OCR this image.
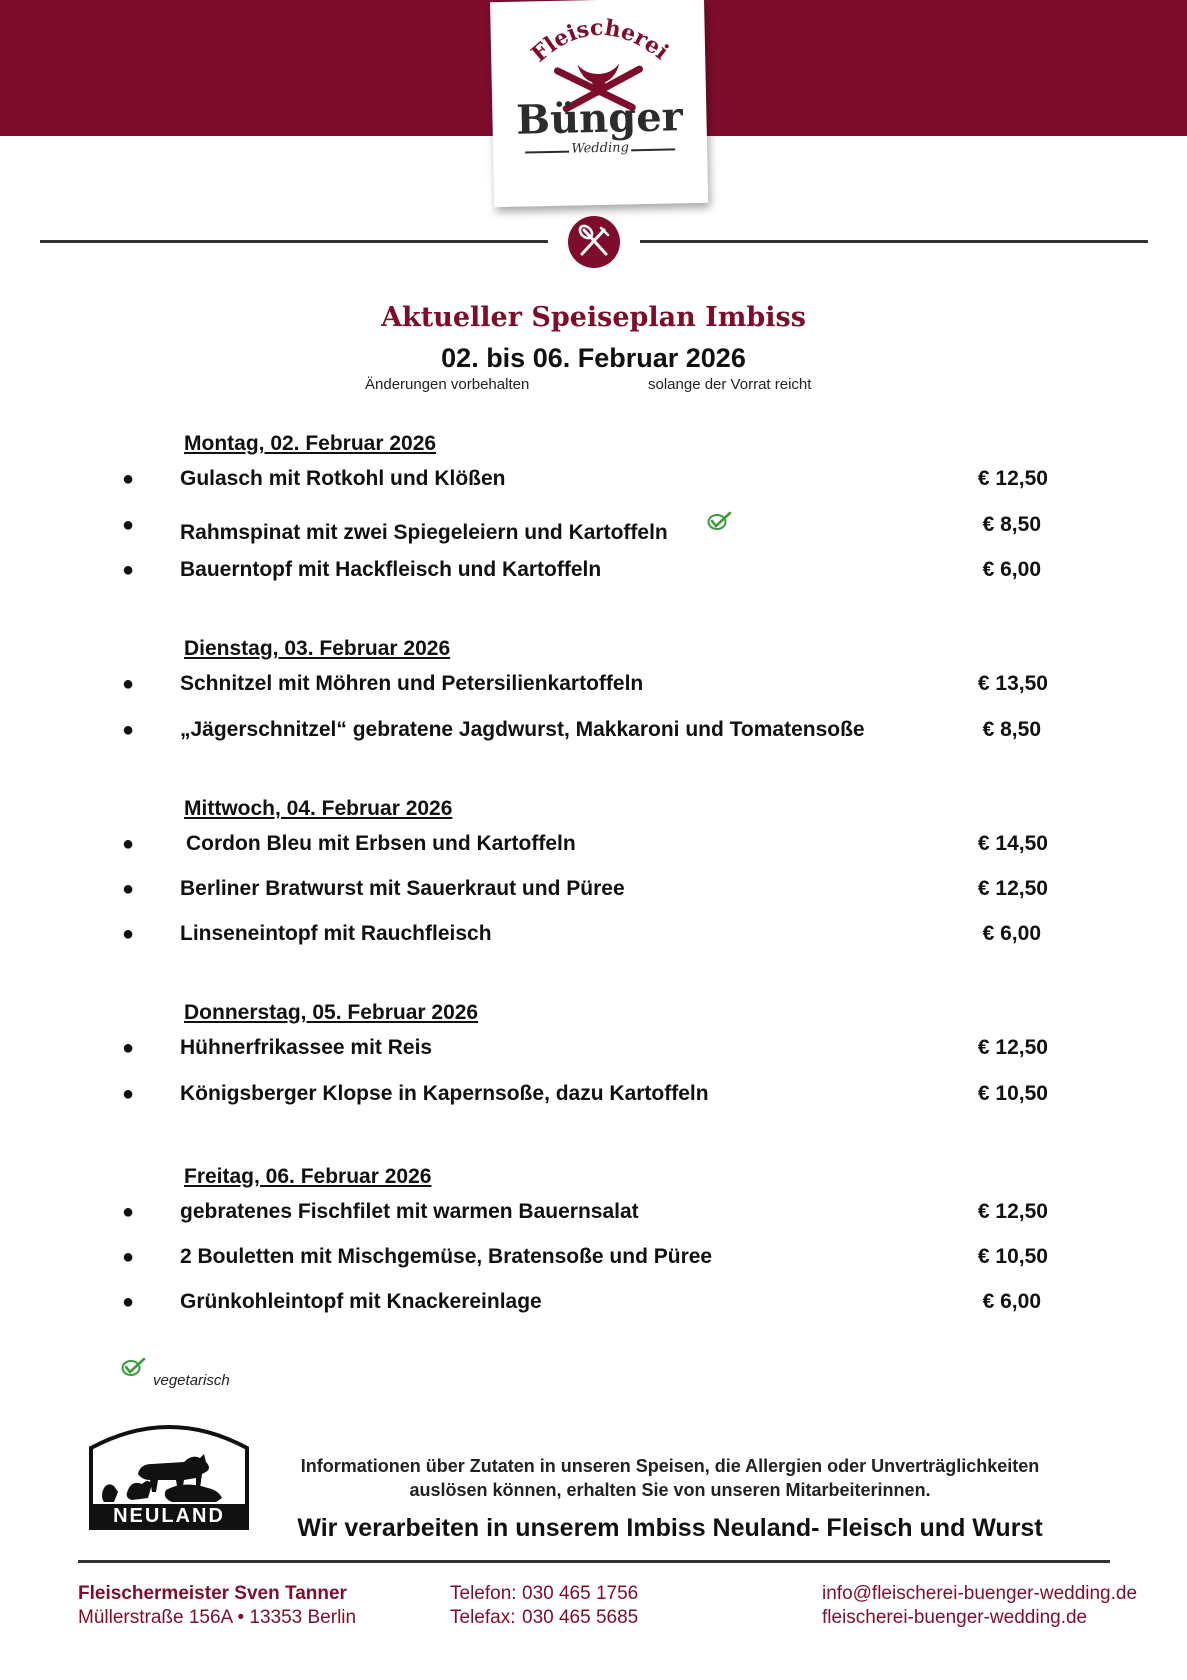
Fleischerei
Bünger
Wedding
Aktueller Speiseplan Imbiss
02. bis 06. Februar 2026
Änderungen vorbehalten	solange der Vorrat reicht
Montag, 02. Februar 2026
● Gulasch mit Rotkohl und Klößen	€ 12,50
● Rahmspinat mit zwei Spiegeleiern und Kartoffeln	€ 8,50
● Bauerntopf mit Hackfleisch und Kartoffeln	€ 6,00
Dienstag, 03. Februar 2026
● Schnitzel mit Möhren und Petersilienkartoffeln	€ 13,50
● „Jägerschnitzel“ gebratene Jagdwurst, Makkaroni und Tomatensoße	€ 8,50
Mittwoch, 04. Februar 2026
● Cordon Bleu mit Erbsen und Kartoffeln	€ 14,50
● Berliner Bratwurst mit Sauerkraut und Püree	€ 12,50
● Linseneintopf mit Rauchfleisch	€ 6,00
Donnerstag, 05. Februar 2026
● Hühnerfrikassee mit Reis	€ 12,50
● Königsberger Klopse in Kapernsoße, dazu Kartoffeln	€ 10,50
Freitag, 06. Februar 2026
● gebratenes Fischfilet mit warmen Bauernsalat	€ 12,50
● 2 Bouletten mit Mischgemüse, Bratensoße und Püree	€ 10,50
● Grünkohleintopf mit Knackereinlage	€ 6,00
vegetarisch
NEULAND
Informationen über Zutaten in unseren Speisen, die Allergien oder Unverträglichkeiten
auslösen können, erhalten Sie von unseren Mitarbeiterinnen.
Wir verarbeiten in unserem Imbiss Neuland- Fleisch und Wurst
Fleischermeister Sven Tanner
Müllerstraße 156A • 13353 Berlin
Telefon: 030 465 1756
Telefax: 030 465 5685
info@fleischerei-buenger-wedding.de
fleischerei-buenger-wedding.de
